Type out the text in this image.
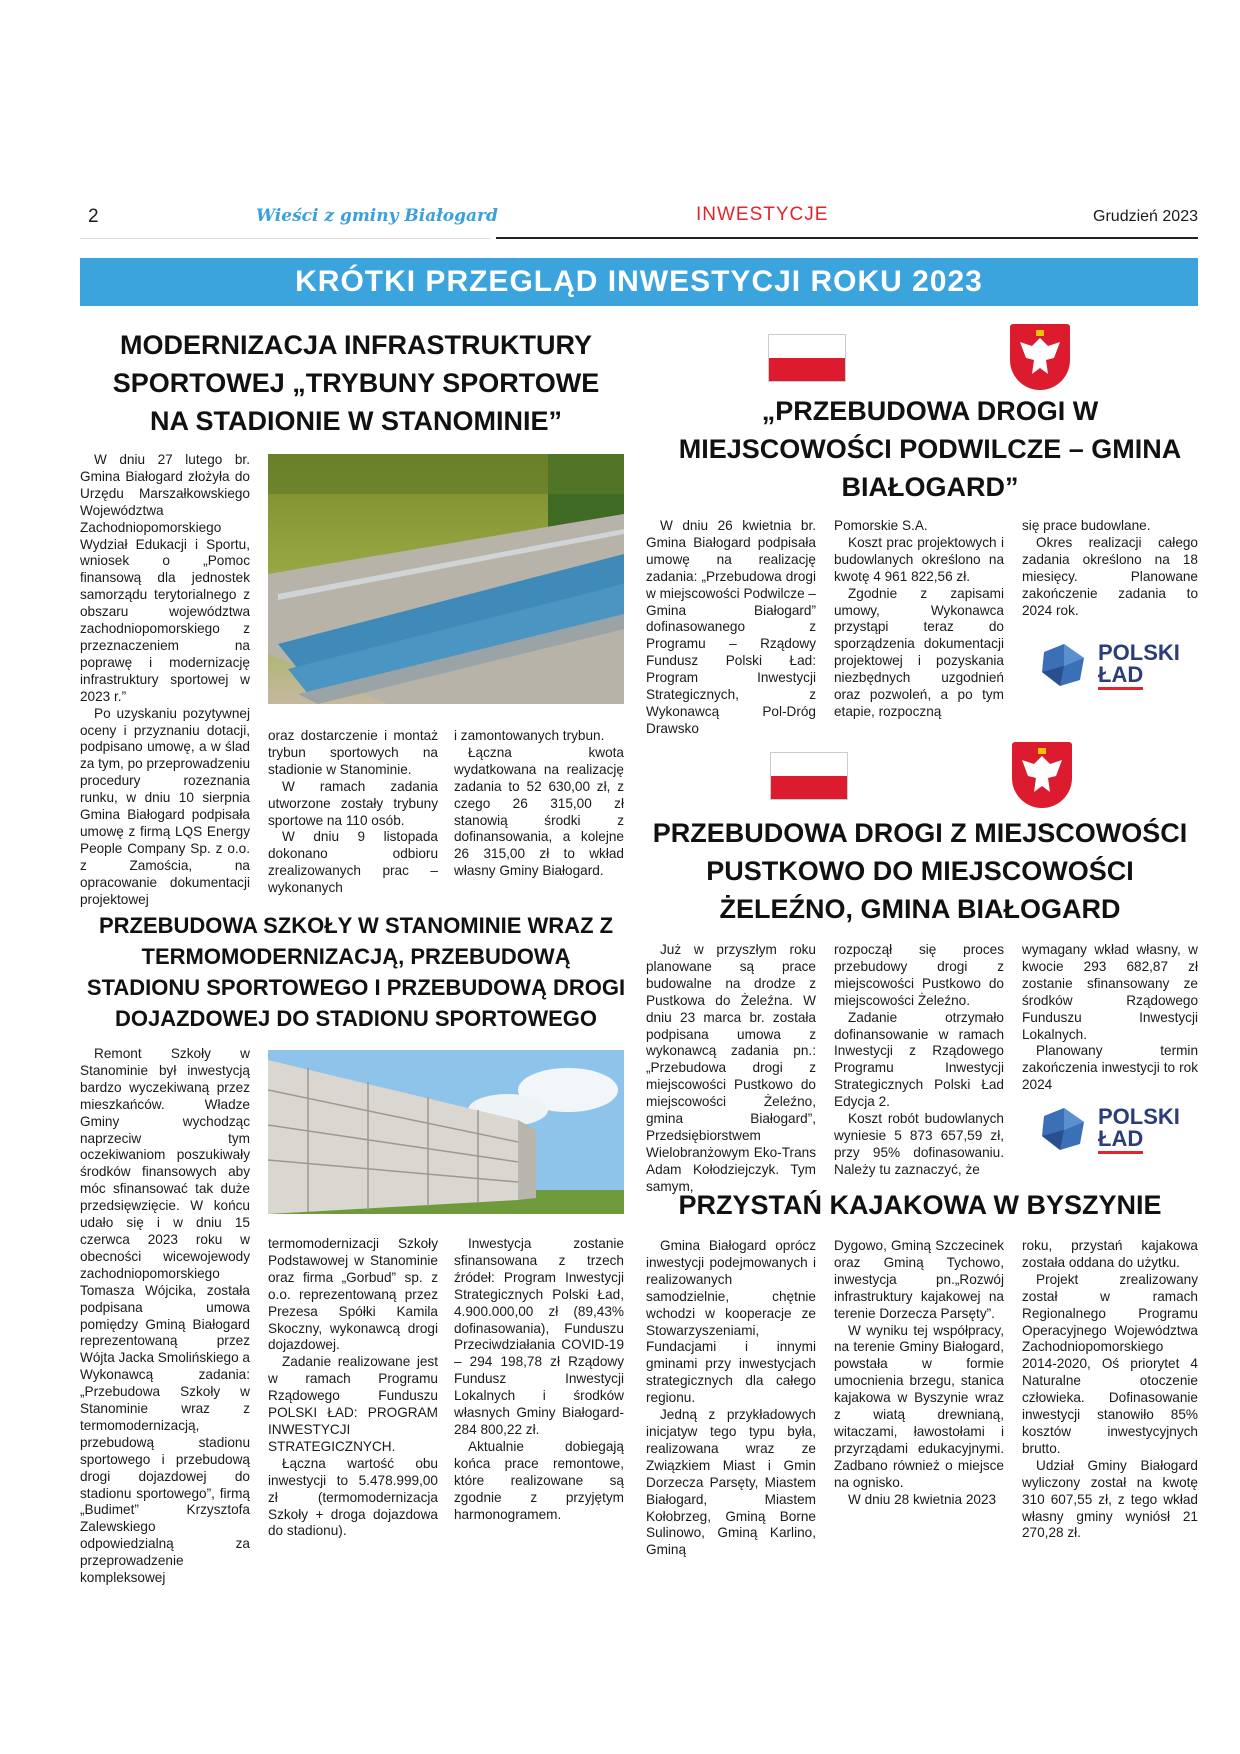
2	Wieści z gminy Białogard	INWESTYCJE	Grudzień 2023
KRÓTKI PRZEGLĄD INWESTYCJI ROKU 2023
MODERNIZACJA INFRASTRUKTURY SPORTOWEJ „TRYBUNY SPORTOWE NA STADIONIE W STANOMINIE”

W dniu 27 lutego br. Gmina Białogard złożyła do Urzędu Marszałkowskiego Województwa Zachodniopomorskiego Wydział Edukacji i Sportu, wniosek o „Pomoc finansową dla jednostek samorządu terytorialnego z obszaru województwa zachodniopomorskiego z przeznaczeniem na poprawę i modernizację infrastruktury sportowej w 2023 r.”

Po uzyskaniu pozytywnej oceny i przyznaniu dotacji, podpisano umowę, a w ślad za tym, po przeprowadzeniu procedury rozeznania runku, w dniu 10 sierpnia Gmina Białogard podpisała umowę z firmą LQS Energy People Company Sp. z o.o. z Zamościa, na opracowanie dokumentacji projektowej

oraz dostarczenie i montaż trybun sportowych na stadionie w Stanominie.

W ramach zadania utworzone zostały trybuny sportowe na 110 osób.

W dniu 9 listopada dokonano odbioru zrealizowanych prac – wykonanych

i zamontowanych trybun.

Łączna kwota wydatkowana na realizację zadania to 52 630,00 zł, z czego 26 315,00 zł stanowią środki z dofinansowania, a kolejne 26 315,00 zł to wkład własny Gminy Białogard.

PRZEBUDOWA SZKOŁY W STANOMINIE WRAZ Z TERMOMODERNIZACJĄ, PRZEBUDOWĄ STADIONU SPORTOWEGO I PRZEBUDOWĄ DROGI DOJAZDOWEJ DO STADIONU SPORTOWEGO

Remont Szkoły w Stanominie był inwestycją bardzo wyczekiwaną przez mieszkańców. Władze Gminy wychodząc naprzeciw tym oczekiwaniom poszukiwały środków finansowych aby móc sfinansować tak duże przedsięwzięcie. W końcu udało się i w dniu 15 czerwca 2023 roku w obecności wicewojewody zachodniopomorskiego Tomasza Wójcika, została podpisana umowa pomiędzy Gminą Białogard reprezentowaną przez Wójta Jacka Smolińskiego a Wykonawcą zadania: „Przebudowa Szkoły w Stanominie wraz z termomodernizacją, przebudową stadionu sportowego i przebudową drogi dojazdowej do stadionu sportowego”, firmą „Budimet” Krzysztofa Zalewskiego odpowiedzialną za przeprowadzenie kompleksowej

termomodernizacji Szkoły Podstawowej w Stanominie oraz firma „Gorbud” sp. z o.o. reprezentowaną przez Prezesa Spółki Kamila Skoczny, wykonawcą drogi dojazdowej.

Zadanie realizowane jest w ramach Programu Rządowego Funduszu POLSKI ŁAD: PROGRAM INWESTYCJI STRATEGICZNYCH.

Łączna wartość obu inwestycji to 5.478.999,00 zł (termomodernizacja Szkoły + droga dojazdowa do stadionu).

Inwestycja zostanie sfinansowana z trzech źródeł: Program Inwestycji Strategicznych Polski Ład, 4.900.000,00 zł (89,43% dofinasowania), Funduszu Przeciwdziałania COVID-19 – 294 198,78 zł Rządowy Fundusz Inwestycji Lokalnych i środków własnych Gminy Białogard-284 800,22 zł.

Aktualnie dobiegają końca prace remontowe, które realizowane są zgodnie z przyjętym harmonogramem.

„PRZEBUDOWA DROGI W MIEJSCOWOŚCI PODWILCZE – GMINA BIAŁOGARD”

W dniu 26 kwietnia br. Gmina Białogard podpisała umowę na realizację zadania: „Przebudowa drogi w miejscowości Podwilcze – Gmina Białogard” dofinasowanego z Programu – Rządowy Fundusz Polski Ład: Program Inwestycji Strategicznych, z Wykonawcą Pol-Dróg Drawsko

Pomorskie S.A.

Koszt prac projektowych i budowlanych określono na kwotę 4 961 822,56 zł.

Zgodnie z zapisami umowy, Wykonawca przystąpi teraz do sporządzenia dokumentacji projektowej i pozyskania niezbędnych uzgodnień oraz pozwoleń, a po tym etapie, rozpoczną

się prace budowlane.

Okres realizacji całego zadania określono na 18 miesięcy. Planowane zakończenie zadania to 2024 rok.

POLSKI
ŁAD
PRZEBUDOWA DROGI Z MIEJSCOWOŚCI PUSTKOWO DO MIEJSCOWOŚCI ŻELEŹNO, GMINA BIAŁOGARD

Już w przyszłym roku planowane są prace budowalne na drodze z Pustkowa do Żeleźna. W dniu 23 marca br. została podpisana umowa z wykonawcą zadania pn.:„Przebudowa drogi z miejscowości Pustkowo do miejscowości Żeleźno, gmina Białogard”, Przedsiębiorstwem Wielobranżowym Eko-Trans Adam Kołodziejczyk. Tym samym,

rozpoczął się proces przebudowy drogi z miejscowości Pustkowo do miejscowości Żeleźno.

Zadanie otrzymało dofinansowanie w ramach Inwestycji z Rządowego Programu Inwestycji Strategicznych Polski Ład Edycja 2.

Koszt robót budowlanych wyniesie 5 873 657,59 zł, przy 95% dofinasowaniu. Należy tu zaznaczyć, że

wymagany wkład własny, w kwocie 293 682,87 zł zostanie sfinansowany ze środków Rządowego Funduszu Inwestycji Lokalnych.

Planowany termin zakończenia inwestycji to rok 2024

POLSKI
ŁAD
PRZYSTAŃ KAJAKOWA W BYSZYNIE

Gmina Białogard oprócz inwestycji podejmowanych i realizowanych samodzielnie, chętnie wchodzi w kooperacje ze Stowarzyszeniami, Fundacjami i innymi gminami przy inwestycjach strategicznych dla całego regionu.

Jedną z przykładowych inicjatyw tego typu była, realizowana wraz ze Związkiem Miast i Gmin Dorzecza Parsęty, Miastem Białogard, Miastem Kołobrzeg, Gminą Borne Sulinowo, Gminą Karlino, Gminą

Dygowo, Gminą Szczecinek oraz Gminą Tychowo, inwestycja pn.„Rozwój infrastruktury kajakowej na terenie Dorzecza Parsęty”.

W wyniku tej współpracy, na terenie Gminy Białogard, powstała w formie umocnienia brzegu, stanica kajakowa w Byszynie wraz z wiatą drewnianą, witaczami, ławostołami i przyrządami edukacyjnymi. Zadbano również o miejsce na ognisko.

W dniu 28 kwietnia 2023

roku, przystań kajakowa została oddana do użytku.

Projekt zrealizowany został w ramach Regionalnego Programu Operacyjnego Województwa Zachodniopomorskiego 2014-2020, Oś priorytet 4 Naturalne otoczenie człowieka. Dofinasowanie inwestycji stanowiło 85% kosztów inwestycyjnych brutto.

Udział Gminy Białogard wyliczony został na kwotę 310 607,55 zł, z tego wkład własny gminy wyniósł 21 270,28 zł.
